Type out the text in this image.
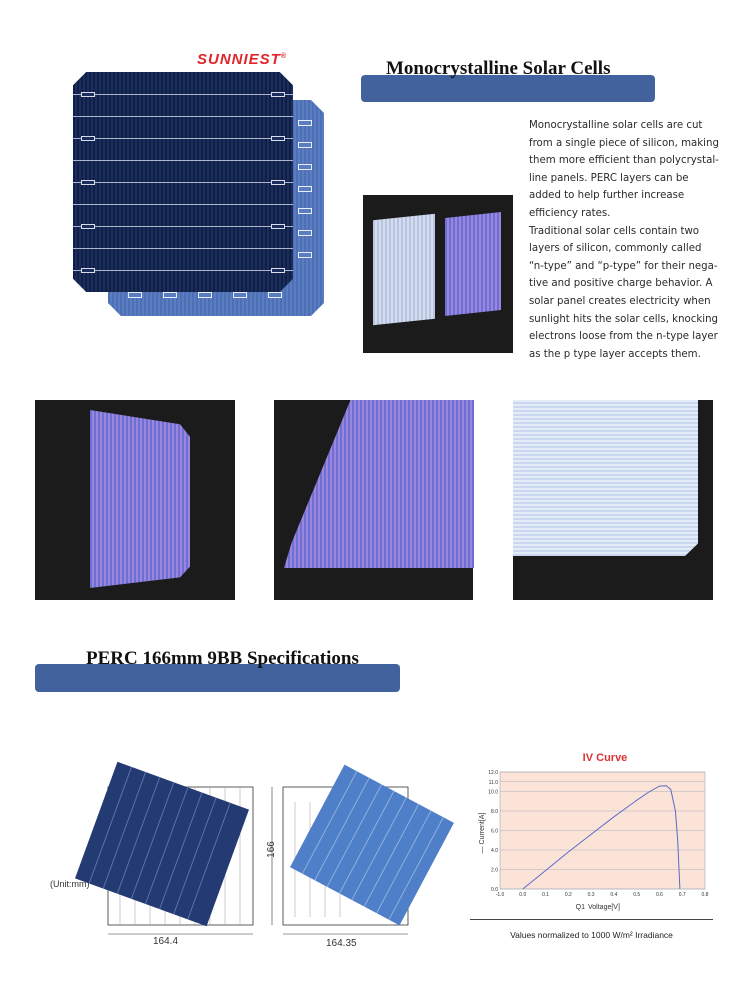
SUNNIEST®
Monocrystalline Solar Cells

Monocrystalline solar cells are cut from a single piece of silicon, making them more efficient than polycrystal-line panels. PERC layers can be added to help further increase efficiency rates.

Traditional solar cells contain two layers of silicon, commonly called “n-type” and “p-type” for their nega-tive and positive charge behavior. A solar panel creates electricity when sunlight hits the solar cells, knocking electrons loose from the n-type layer as the p type layer accepts them.

PERC 166mm 9BB Specifications
(Unit:mm)
164.4	164.35
166
IV Curve
0.0
2.0
4.0
6.0
8.0
10.0
11.0
12.0
-1.0	0.0	0.1	0.2	0.3	0.4	0.5	0.6	0.7	0.8
— Current[A]
Q1 Voltage[V]
Values normalized to 1000 W/m² Irradiance
